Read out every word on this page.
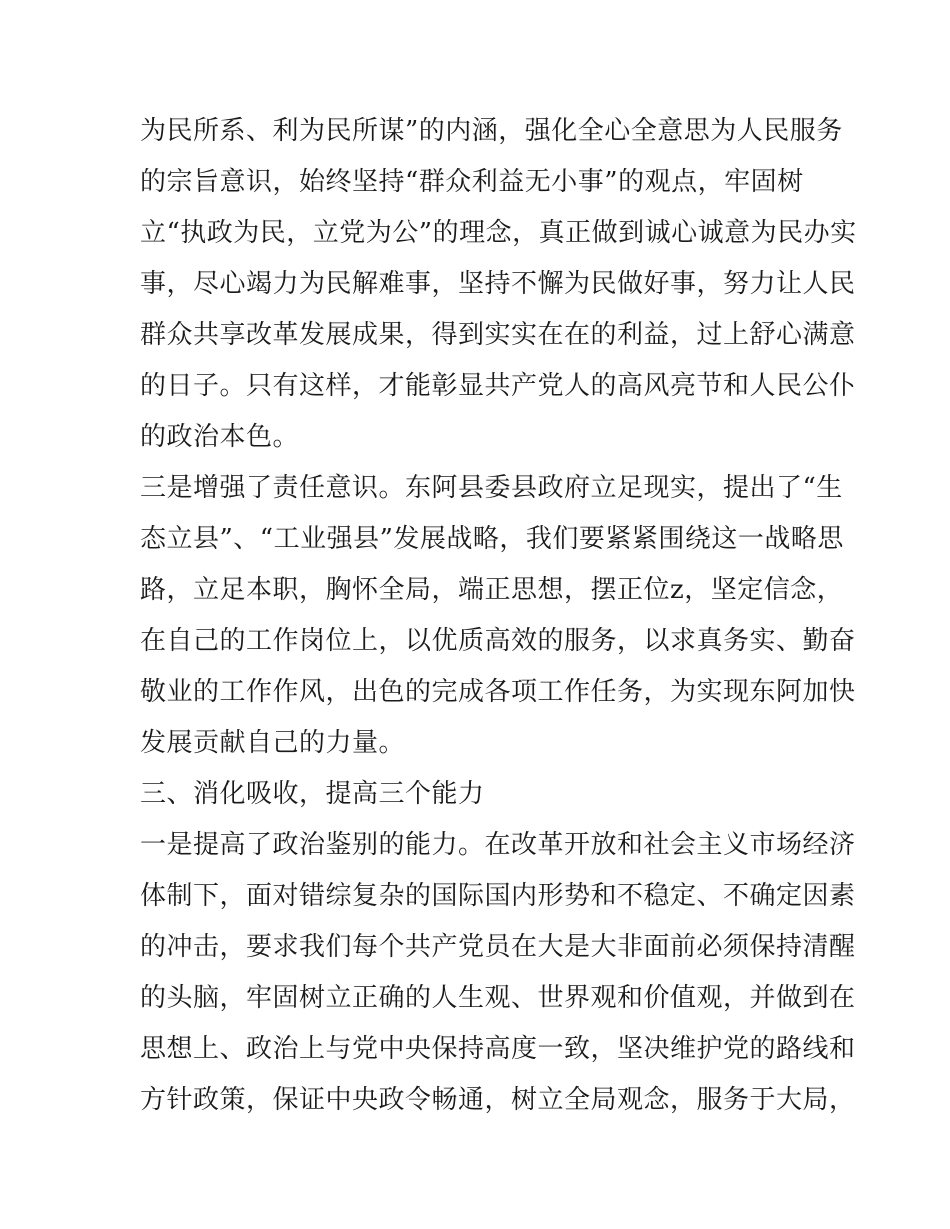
为民所系、利为民所谋”的内涵，强化全心全意思为人民服务
的宗旨意识，始终坚持“群众利益无小事”的观点，牢固树
立“执政为民，立党为公”的理念，真正做到诚心诚意为民办实
事，尽心竭力为民解难事，坚持不懈为民做好事，努力让人民
群众共享改革发展成果，得到实实在在的利益，过上舒心满意
的日子。只有这样，才能彰显共产党人的高风亮节和人民公仆
的政治本色。
三是增强了责任意识。东阿县委县政府立足现实，提出了“生
态立县”、“工业强县”发展战略，我们要紧紧围绕这一战略思
路，立足本职，胸怀全局，端正思想，摆正位z，坚定信念，
在自己的工作岗位上，以优质高效的服务，以求真务实、勤奋
敬业的工作作风，出色的完成各项工作任务，为实现东阿加快
发展贡献自己的力量。
三、消化吸收，提高三个能力
一是提高了政治鉴别的能力。在改革开放和社会主义市场经济
体制下，面对错综复杂的国际国内形势和不稳定、不确定因素
的冲击，要求我们每个共产党员在大是大非面前必须保持清醒
的头脑，牢固树立正确的人生观、世界观和价值观，并做到在
思想上、政治上与党中央保持高度一致，坚决维护党的路线和
方针政策，保证中央政令畅通，树立全局观念，服务于大局，
